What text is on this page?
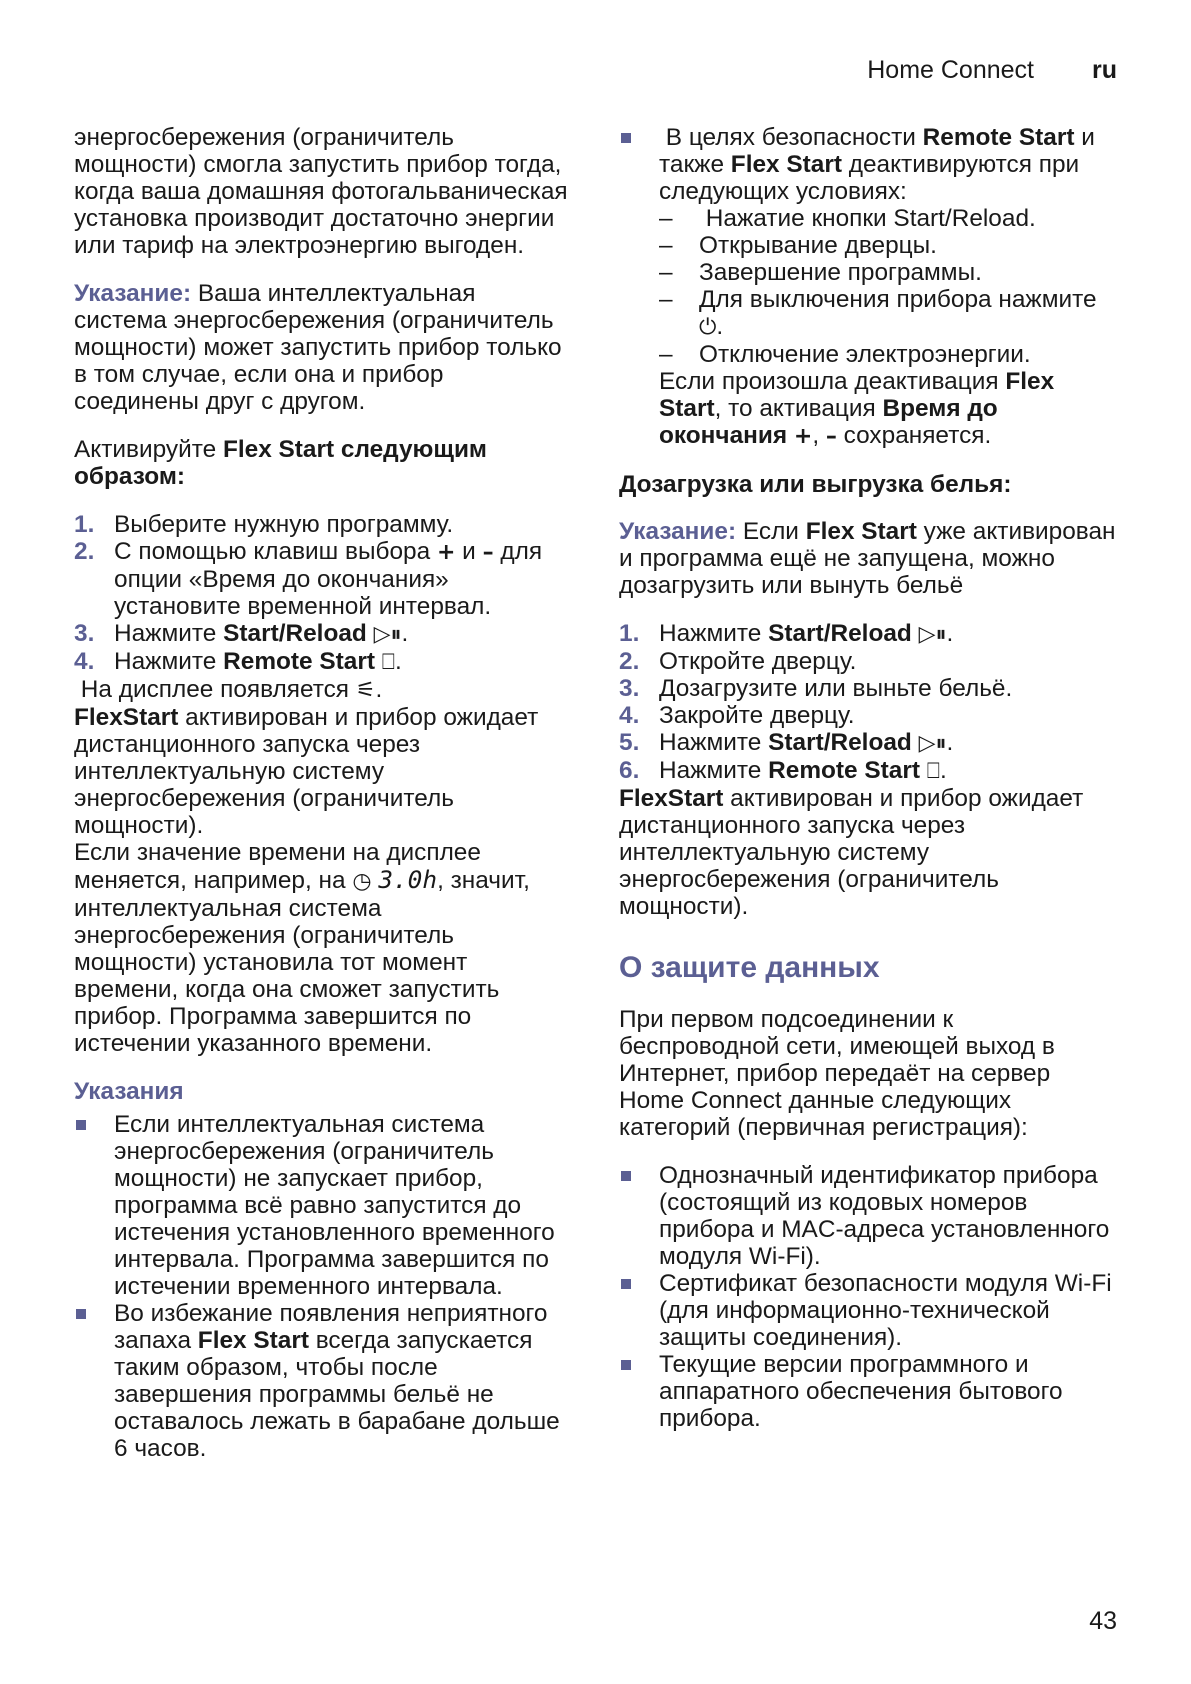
Home Connect ru

энергосбережения (ограничитель мощности) смогла запустить прибор тогда, когда ваша домашняя фотогальваническая установка производит достаточно энергии или тариф на электроэнергию выгоден.

Указание: Ваша интеллектуальная система энергосбережения (ограничитель мощности) может запустить прибор только в том случае, если она и прибор соединены друг с другом.

Активируйте Flex Start следующим образом:

1. Выберите нужную программу.
2. С помощью клавиш выбора + и – для опции «Время до окончания» установите временной интервал.
3. Нажмите Start/Reload ▷⏸.
4. Нажмите Remote Start ⎕.
На дисплее появляется ⚟.
FlexStart активирован и прибор ожидает дистанционного запуска через интеллектуальную систему энергосбережения (ограничитель мощности).

Если значение времени на дисплее меняется, например, на ◷ 3.0h, значит, интеллектуальная система энергосбережения (ограничитель мощности) установила тот момент времени, когда она сможет запустить прибор. Программа завершится по истечении указанного времени.

Указания
Если интеллектуальная система энергосбережения (ограничитель мощности) не запускает прибор, программа всё равно запустится до истечения установленного временного интервала. Программа завершится по истечении временного интервала.
Во избежание появления неприятного запаха Flex Start всегда запускается таким образом, чтобы после завершения программы бельё не оставалось лежать в барабане дольше 6 часов.
В целях безопасности Remote Start и также Flex Start деактивируются при следующих условиях:
– Нажатие кнопки Start/Reload.
– Открывание дверцы.
– Завершение программы.
– Для выключения прибора нажмите ⏻.
– Отключение электроэнергии.

Если произошла деактивация Flex Start, то активация Время до окончания +, – сохраняется.

Дозагрузка или выгрузка белья:

Указание: Если Flex Start уже активирован и программа ещё не запущена, можно дозагрузить или вынуть бельё

1. Нажмите Start/Reload ▷⏸.
2. Откройте дверцу.
3. Дозагрузите или выньте бельё.
4. Закройте дверцу.
5. Нажмите Start/Reload ▷⏸.
6. Нажмите Remote Start ⎕.

FlexStart активирован и прибор ожидает дистанционного запуска через интеллектуальную систему энергосбережения (ограничитель мощности).

О защите данных

При первом подсоединении к беспроводной сети, имеющей выход в Интернет, прибор передаёт на сервер Home Connect данные следующих категорий (первичная регистрация):

Однозначный идентификатор прибора (состоящий из кодовых номеров прибора и MAC-адреса установленного модуля Wi-Fi).
Сертификат безопасности модуля Wi-Fi (для информационно-технической защиты соединения).
Текущие версии программного и аппаратного обеспечения бытового прибора.
43
